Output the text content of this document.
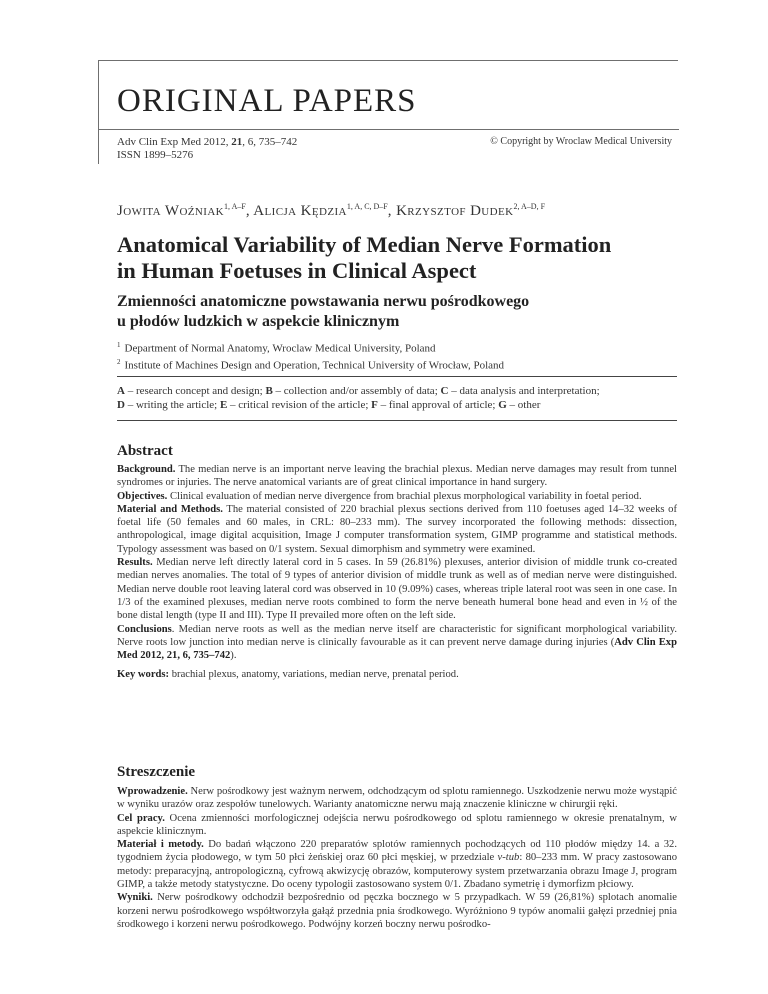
ORIGINAL PAPERS
Adv Clin Exp Med 2012, 21, 6, 735–742
ISSN 1899–5276
© Copyright by Wroclaw Medical University
Jowita Woźniak$^{1, A-F}$, Alicja Kędzia$^{1, A, C, D-F}$, Krzysztof Dudek$^{2, A-D, F}$
Anatomical Variability of Median Nerve Formation
in Human Foetuses in Clinical Aspect
Zmienności anatomiczne powstawania nerwu pośrodkowego
u płodów ludzkich w aspekcie klinicznym
$^1$ Department of Normal Anatomy, Wroclaw Medical University, Poland
$^2$ Institute of Machines Design and Operation, Technical University of Wrocław, Poland
A – research concept and design; B – collection and/or assembly of data; C – data analysis and interpretation;
D – writing the article; E – critical revision of the article; F – final approval of article; G – other
Abstract

Background. The median nerve is an important nerve leaving the brachial plexus. Median nerve damages may result from tunnel syndromes or injuries. The nerve anatomical variants are of great clinical importance in hand surgery.

Objectives. Clinical evaluation of median nerve divergence from brachial plexus morphological variability in foetal period.

Material and Methods. The material consisted of 220 brachial plexus sections derived from 110 foetuses aged 14–32 weeks of foetal life (50 females and 60 males, in CRL: 80–233 mm). The survey incorporated the following methods: dissection, anthropological, image digital acquisition, Image J computer transformation system, GIMP programme and statistical methods. Typology assessment was based on 0/1 system. Sexual dimorphism and symmetry were examined.

Results. Median nerve left directly lateral cord in 5 cases. In 59 (26.81%) plexuses, anterior division of middle trunk co-created median nerves anomalies. The total of 9 types of anterior division of middle trunk as well as of median nerve were distinguished. Median nerve double root leaving lateral cord was observed in 10 (9.09%) cases, whereas triple lateral root was seen in one case. In 1/3 of the examined plexuses, median nerve roots combined to form the nerve beneath humeral bone head and even in ½ of the bone distal length (type II and III). Type II prevailed more often on the left side.

Conclusions. Median nerve roots as well as the median nerve itself are characteristic for significant morphological variability. Nerve roots low junction into median nerve is clinically favourable as it can prevent nerve damage during injuries (Adv Clin Exp Med 2012, 21, 6, 735–742).

Key words: brachial plexus, anatomy, variations, median nerve, prenatal period.

Streszczenie

Wprowadzenie. Nerw pośrodkowy jest ważnym nerwem, odchodzącym od splotu ramiennego. Uszkodzenie nerwu może wystąpić w wyniku urazów oraz zespołów tunelowych. Warianty anatomiczne nerwu mają znaczenie kliniczne w chirurgii ręki.

Cel pracy. Ocena zmienności morfologicznej odejścia nerwu pośrodkowego od splotu ramiennego w okresie prenatalnym, w aspekcie klinicznym.

Materiał i metody. Do badań włączono 220 preparatów splotów ramiennych pochodzących od 110 płodów między 14. a 32. tygodniem życia płodowego, w tym 50 płci żeńskiej oraz 60 płci męskiej, w przedziale v-tub: 80–233 mm. W pracy zastosowano metody: preparacyjną, antropologiczną, cyfrową akwizycję obrazów, komputerowy system przetwarzania obrazu Image J, program GIMP, a także metody statystyczne. Do oceny typologii zastosowano system 0/1. Zbadano symetrię i dymorfizm płciowy.

Wyniki. Nerw pośrodkowy odchodził bezpośrednio od pęczka bocznego w 5 przypadkach. W 59 (26,81%) splotach anomalie korzeni nerwu pośrodkowego współtworzyła gałąź przednia pnia środkowego. Wyróżniono 9 typów anomalii gałęzi przedniej pnia środkowego i korzeni nerwu pośrodkowego. Podwójny korzeń boczny nerwu pośrodko-
